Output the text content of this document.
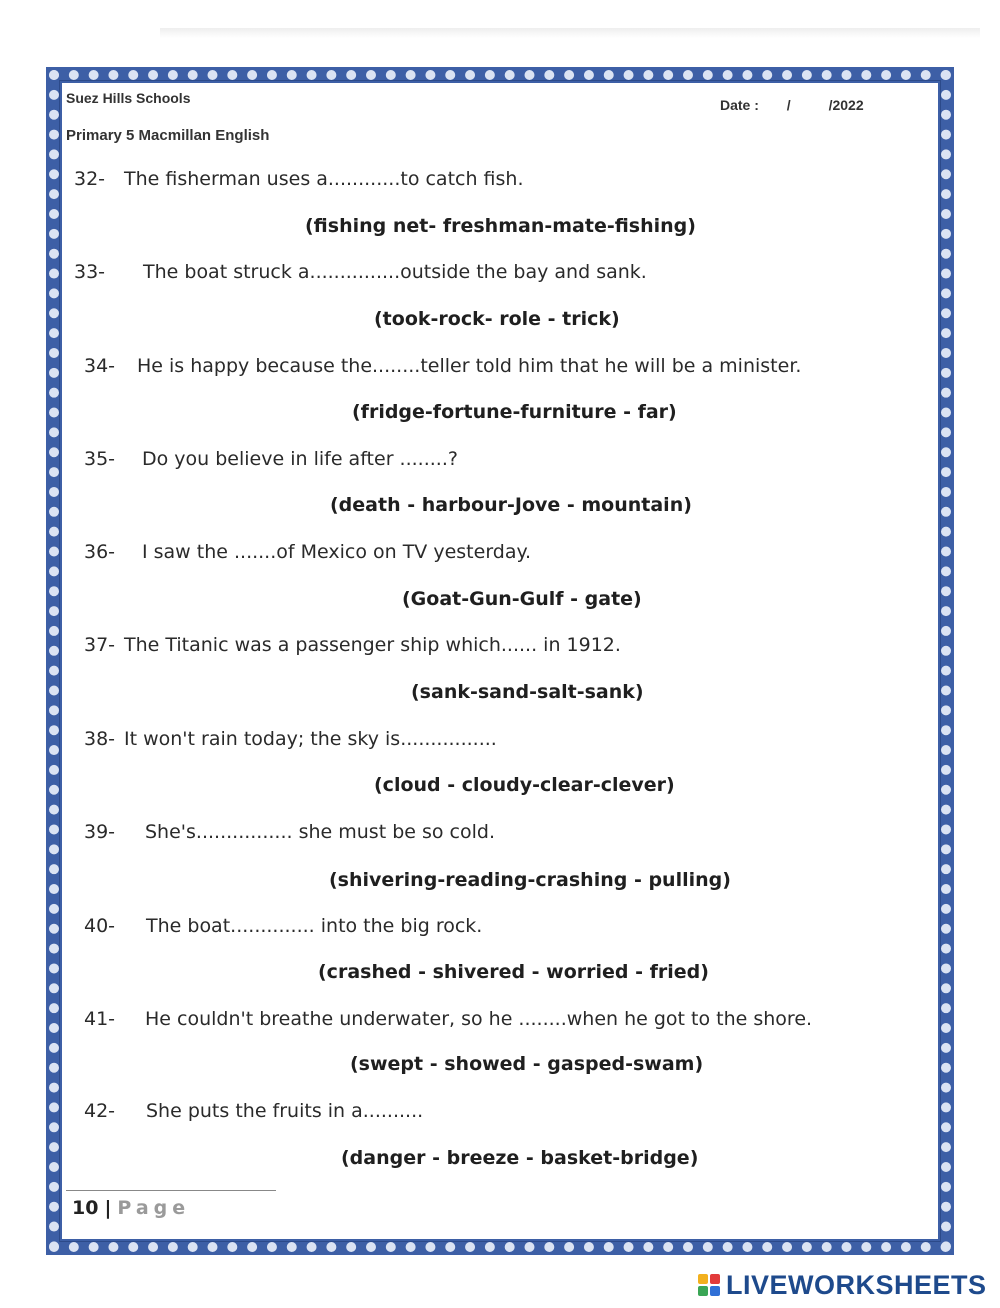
Suez Hills Schools	Date : /	/2022
Primary 5 Macmillan English
32- The fisherman uses a............to catch fish.
(fishing net- freshman-mate-fishing)
33- The boat struck a...............outside the bay and sank.
(took-rock- role - trick)
34- He is happy because the........teller told him that he will be a minister.
(fridge-fortune-furniture - far)
35- Do you believe in life after ........?
(death - harbour-Jove - mountain)
36- I saw the .......of Mexico on TV yesterday.
(Goat-Gun-Gulf - gate)
37- The Titanic was a passenger ship which...... in 1912.
(sank-sand-salt-sank)
38- It won't rain today; the sky is................
(cloud - cloudy-clear-clever)
39- She's................ she must be so cold.
(shivering-reading-crashing - pulling)
40- The boat.............. into the big rock.
(crashed - shivered - worried - fried)
41- He couldn't breathe underwater, so he ........when he got to the shore.
(swept - showed - gasped-swam)
42- She puts the fruits in a..........
(danger - breeze - basket-bridge)
10 | Page
LIVEWORKSHEETS
